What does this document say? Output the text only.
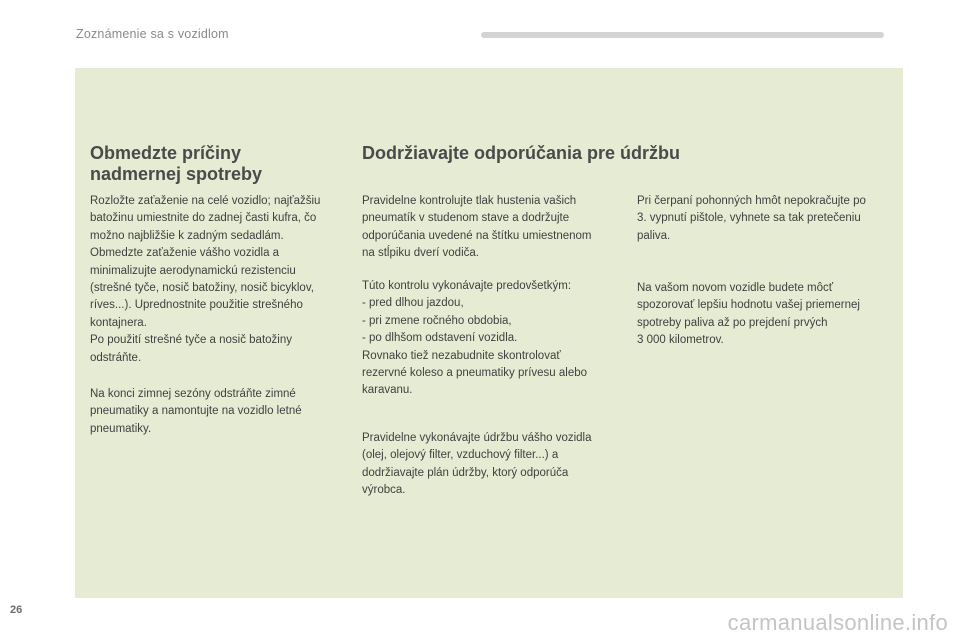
Zoznámenie sa s vozidlom
Obmedzte príčiny
nadmernej spotreby

Rozložte zaťaženie na celé vozidlo; najťažšiu
batožinu umiestnite do zadnej časti kufra, čo
možno najbližšie k zadným sedadlám.
Obmedzte zaťaženie vášho vozidla a
minimalizujte aerodynamickú rezistenciu
(strešné tyče, nosič batožiny, nosič bicyklov,
ríves...). Uprednostnite použitie strešného
kontajnera.
Po použití strešné tyče a nosič batožiny
odstráňte.

Na konci zimnej sezóny odstráňte zimné
pneumatiky a namontujte na vozidlo letné
pneumatiky.

Dodržiavajte odporúčania pre údržbu

Pravidelne kontrolujte tlak hustenia vašich
pneumatík v studenom stave a dodržujte
odporúčania uvedené na štítku umiestnenom
na stĺpiku dverí vodiča.

Túto kontrolu vykonávajte predovšetkým:
- pred dlhou jazdou,
- pri zmene ročného obdobia,
- po dlhšom odstavení vozidla.
Rovnako tiež nezabudnite skontrolovať
rezervné koleso a pneumatiky prívesu alebo
karavanu.

Pravidelne vykonávajte údržbu vášho vozidla
(olej, olejový filter, vzduchový filter...) a
dodržiavajte plán údržby, ktorý odporúča
výrobca.

Pri čerpaní pohonných hmôt nepokračujte po
3. vypnutí pištole, vyhnete sa tak pretečeniu
paliva.

Na vašom novom vozidle budete môcť
spozorovať lepšiu hodnotu vašej priemernej
spotreby paliva až po prejdení prvých
3 000 kilometrov.

26	carmanualsonline.info
